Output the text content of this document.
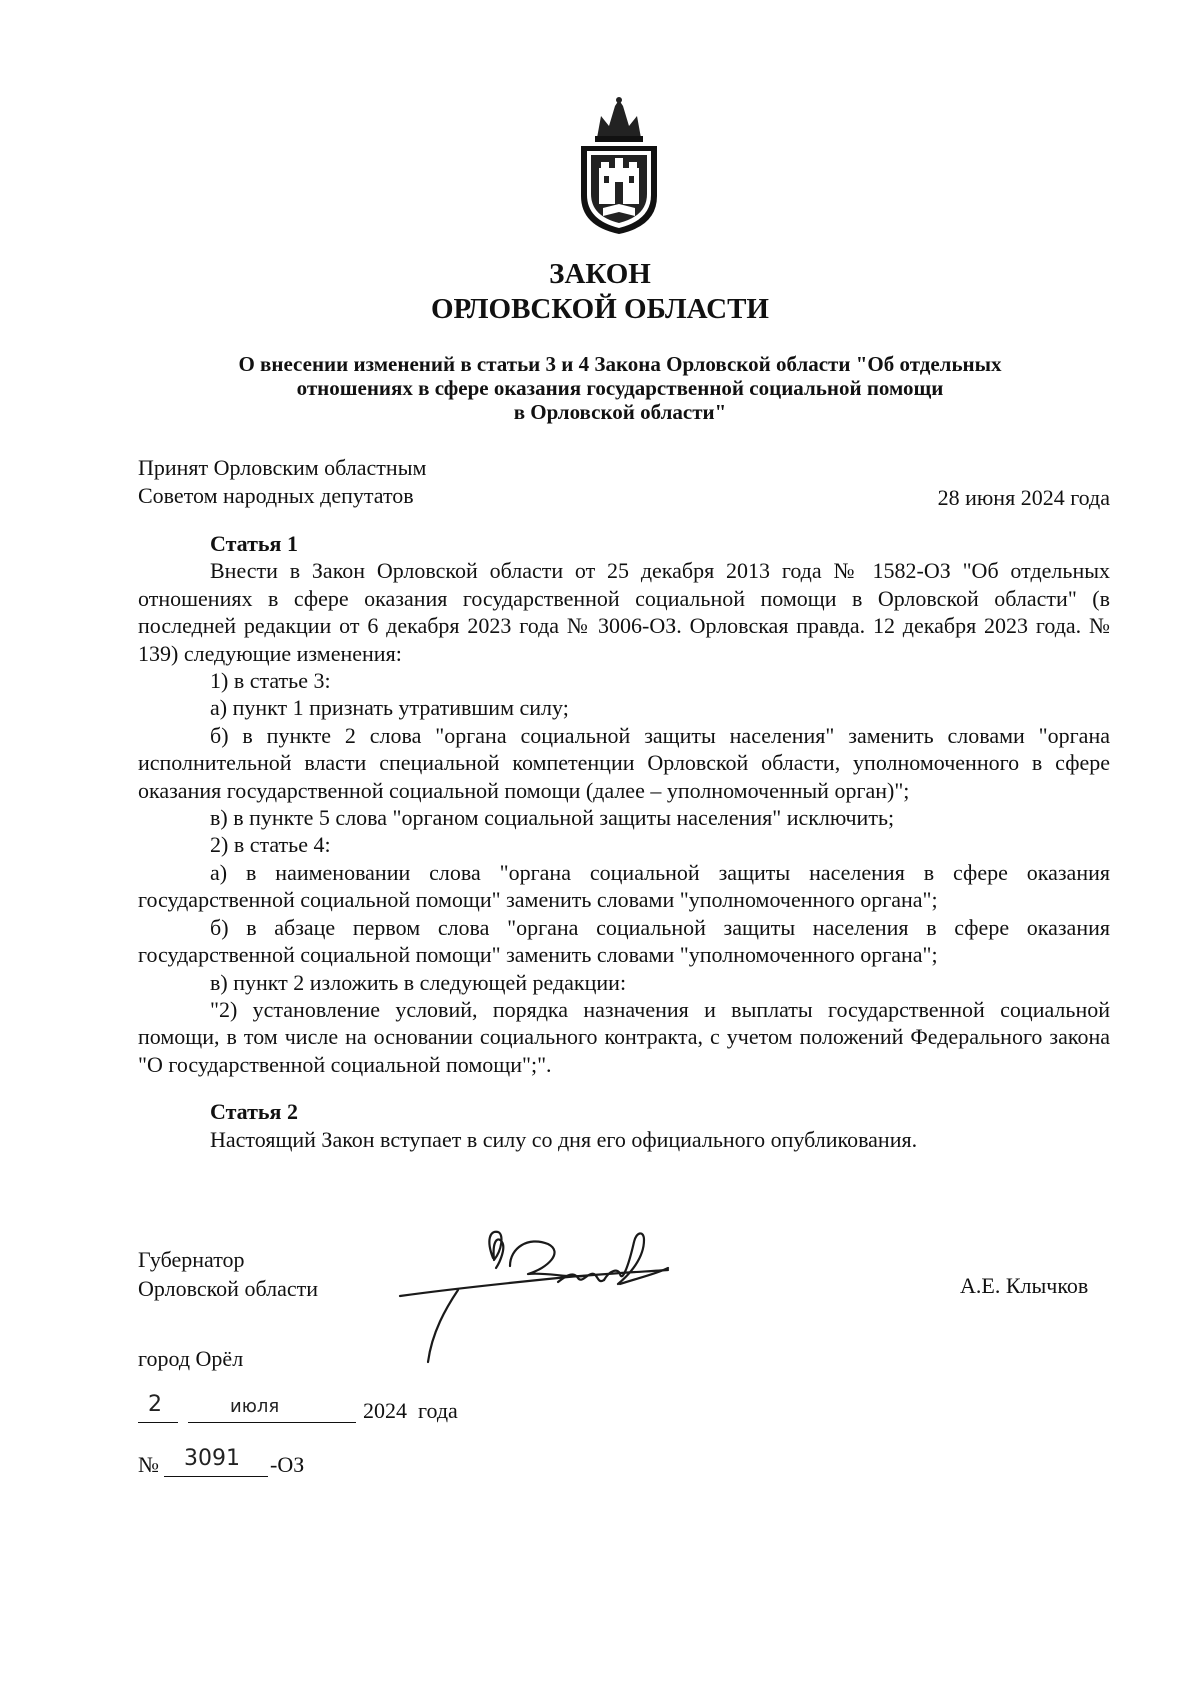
ЗАКОН
ОРЛОВСКОЙ ОБЛАСТИ
О внесении изменений в статьи 3 и 4 Закона Орловской области "Об отдельных
отношениях в сфере оказания государственной социальной помощи
в Орловской области"
Принят Орловским областным
Советом народных депутатов	28 июня 2024 года

Статья 1

Внести в Закон Орловской области от 25 декабря 2013 года № 1582-ОЗ "Об отдельных отношениях в сфере оказания государственной социальной помощи в Орловской области" (в последней редакции от 6 декабря 2023 года № 3006-ОЗ. Орловская правда. 12 декабря 2023 года. № 139) следующие изменения:

1) в статье 3:

а) пункт 1 признать утратившим силу;

б) в пункте 2 слова "органа социальной защиты населения" заменить словами "органа исполнительной власти специальной компетенции Орловской области, уполномоченного в сфере оказания государственной социальной помощи (далее – уполномоченный орган)";

в) в пункте 5 слова "органом социальной защиты населения" исключить;

2) в статье 4:

а) в наименовании слова "органа социальной защиты населения в сфере оказания государственной социальной помощи" заменить словами "уполномоченного органа";

б) в абзаце первом слова "органа социальной защиты населения в сфере оказания государственной социальной помощи" заменить словами "уполномоченного органа";

в) пункт 2 изложить в следующей редакции:

"2) установление условий, порядка назначения и выплаты государственной социальной помощи, в том числе на основании социального контракта, с учетом положений Федерального закона "О государственной социальной помощи";".

Статья 2

Настоящий Закон вступает в силу со дня его официального опубликования.

Губернатор
Орловской области	А.Е. Клычков
город Орёл
2	июля	2024  года
№ 3091 -ОЗ
